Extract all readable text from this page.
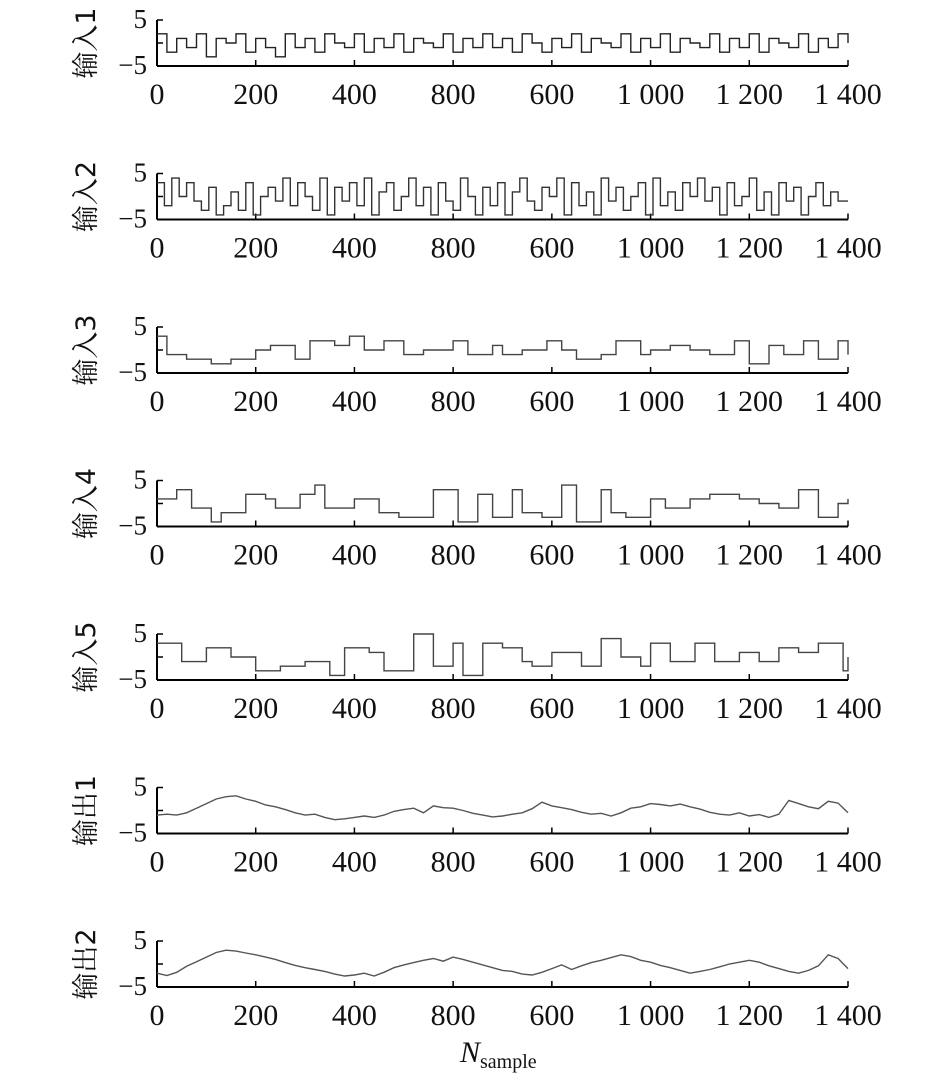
5
−5
0 200 400 800 600 1 000 1 200 1 400
输入1
5
−5
0 200 400 800 600 1 000 1 200 1 400
输入2
5
−5
0 200 400 800 600 1 000 1 200 1 400
输入3
5
−5
0 200 400 800 600 1 000 1 200 1 400
输入4
5
−5
0 200 400 800 600 1 000 1 200 1 400
输入5
5
−5
0 200 400 800 600 1 000 1 200 1 400
输出1
5
−5
0 200 400 800 600 1 000 1 200 1 400
输出2
$N_{sample}$
